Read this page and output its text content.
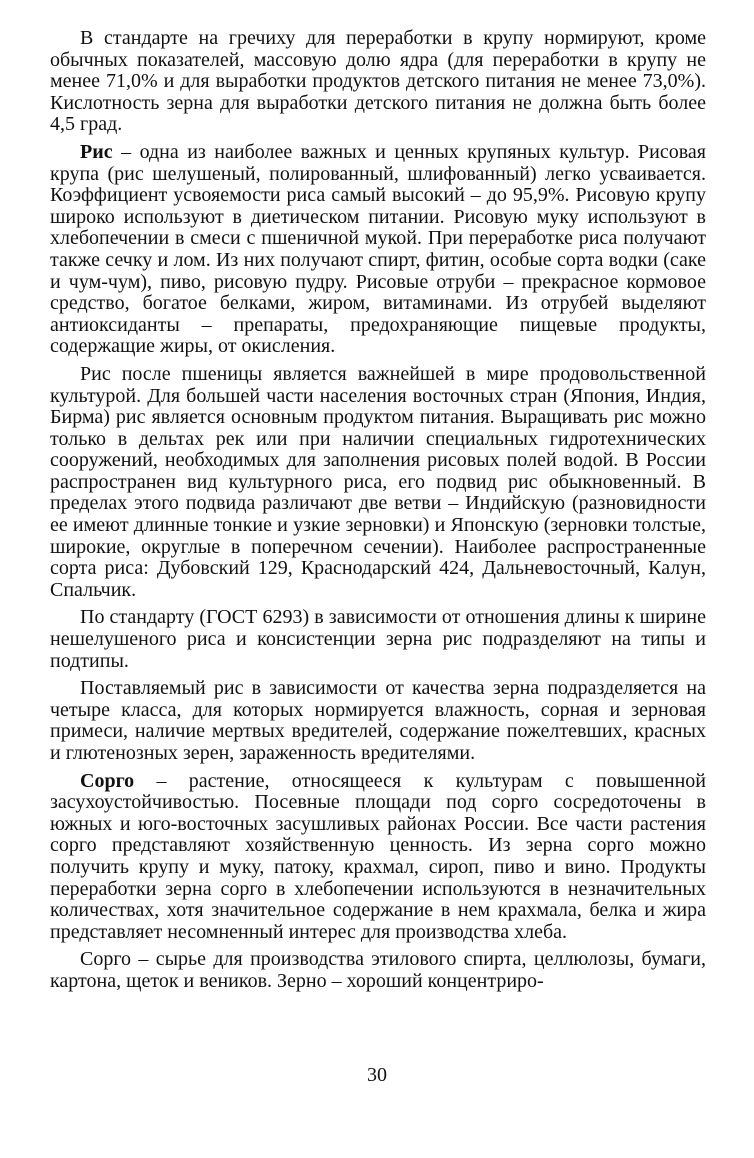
В стандарте на гречиху для переработки в крупу нормируют, кроме обычных показателей, массовую долю ядра (для переработки в крупу не менее 71,0% и для выработки продуктов детского питания не менее 73,0%). Кислотность зерна для выработки детского питания не должна быть более 4,5 град.

Рис – одна из наиболее важных и ценных крупяных культур. Рисовая крупа (рис шелушеный, полированный, шлифованный) легко усваивается. Коэффициент усвояемости риса самый высокий – до 95,9%. Рисовую крупу широко используют в диетическом питании. Рисовую муку используют в хлебопечении в смеси с пшеничной мукой. При переработке риса получают также сечку и лом. Из них получают спирт, фитин, особые сорта водки (саке и чум-чум), пиво, рисовую пудру. Рисовые отруби – прекрасное кормовое средство, богатое белками, жиром, витаминами. Из отрубей выделяют антиоксиданты – препараты, предохраняющие пищевые продукты, содержащие жиры, от окисления.

Рис после пшеницы является важнейшей в мире продовольственной культурой. Для большей части населения восточных стран (Япония, Индия, Бирма) рис является основным продуктом питания. Выращивать рис можно только в дельтах рек или при наличии специальных гидротехнических сооружений, необходимых для заполнения рисовых полей водой. В России распространен вид культурного риса, его подвид рис обыкновенный. В пределах этого подвида различают две ветви – Индийскую (разновидности ее имеют длинные тонкие и узкие зерновки) и Японскую (зерновки толстые, широкие, округлые в поперечном сечении). Наиболее распространенные сорта риса: Дубовский 129, Краснодарский 424, Дальневосточный, Калун, Спальчик.

По стандарту (ГОСТ 6293) в зависимости от отношения длины к ширине нешелушеного риса и консистенции зерна рис подразделяют на типы и подтипы.

Поставляемый рис в зависимости от качества зерна подразделяется на четыре класса, для которых нормируется влажность, сорная и зерновая примеси, наличие мертвых вредителей, содержание пожелтевших, красных и глютенозных зерен, зараженность вредителями.

Сорго – растение, относящееся к культурам с повышенной засухоустойчивостью. Посевные площади под сорго сосредоточены в южных и юго-восточных засушливых районах России. Все части растения сорго представляют хозяйственную ценность. Из зерна сорго можно получить крупу и муку, патоку, крахмал, сироп, пиво и вино. Продукты переработки зерна сорго в хлебопечении используются в незначительных количествах, хотя значительное содержание в нем крахмала, белка и жира представляет несомненный интерес для производства хлеба.

Сорго – сырье для производства этилового спирта, целлюлозы, бумаги, картона, щеток и веников. Зерно – хороший концентриро-

30
